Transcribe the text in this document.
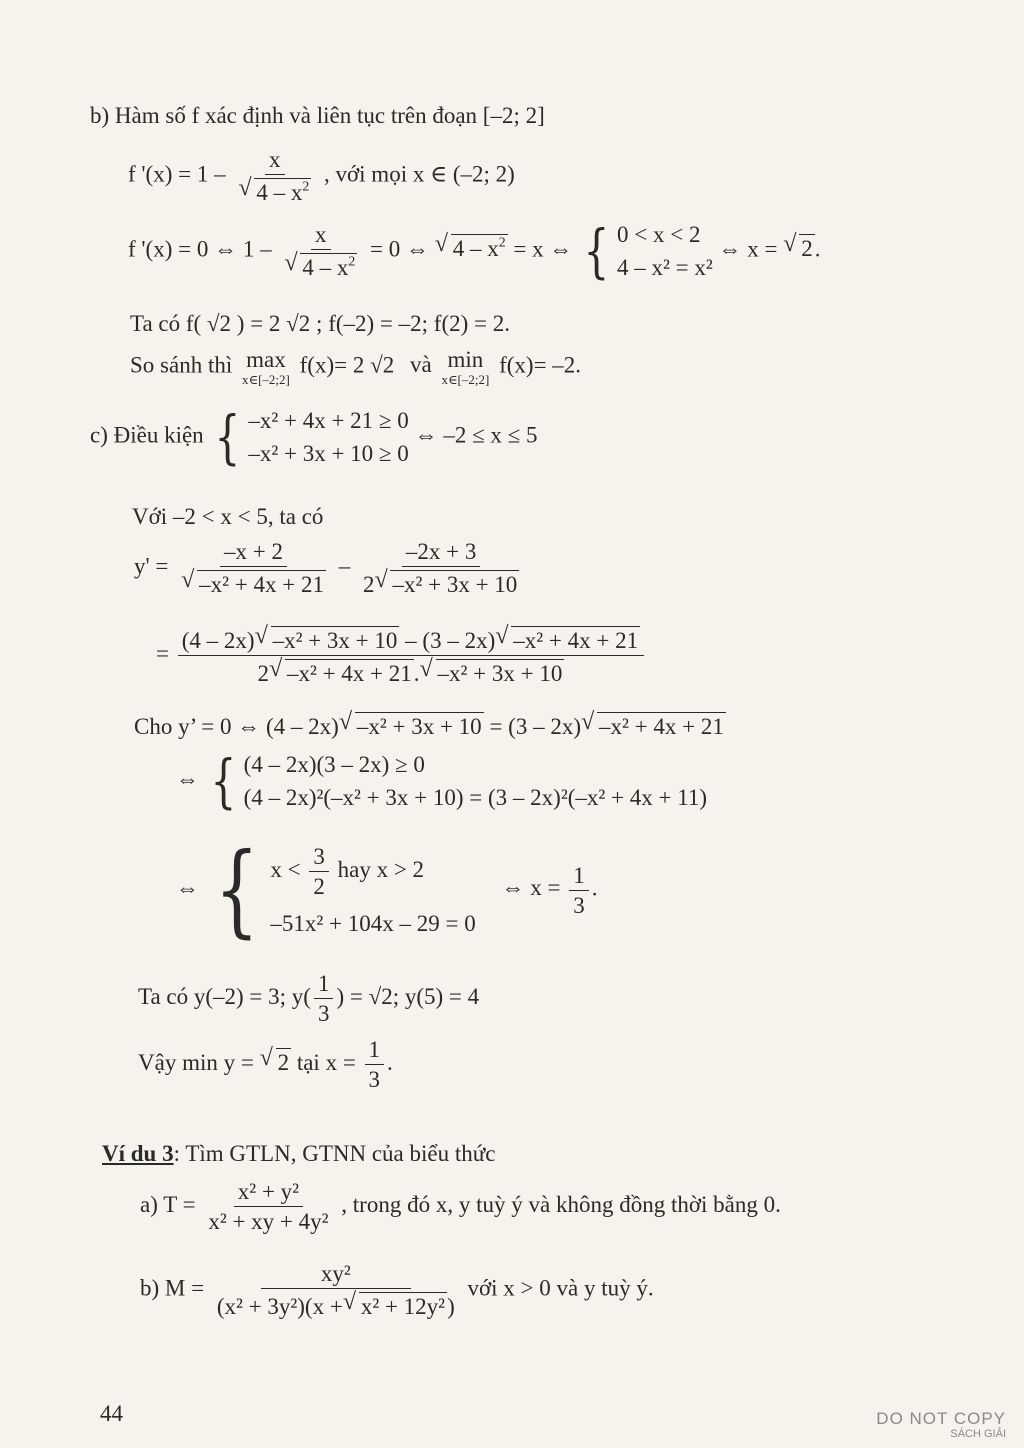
b) Hàm số f xác định và liên tục trên đoạn [–2; 2]
f '(x) = 1 – x
√ $4 - x^2$ , với mọi x ∈ (–2; 2)
f '(x) = 0 ⇔ 1 – x
√ $4 - x^2 = 0$ ⇔ √ $4 - x^2 = x$ ⇔ { 0 < x < 2
4 – x² = x²
⇔ x = √ 2.
Ta có f( √2 ) = 2 √2 ; f(–2) = –2; f(2) = 2.
So sánh thì max
x∈[–2;2]
f(x)= 2 √2 và min
x∈[–2;2]
f(x)= –2.
c) Điều kiện { –x² + 4x + 21 ≥ 0
–x² + 3x + 10 ≥ 0
⇔ –2 ≤ x ≤ 5
Với –2 < x < 5, ta có
y' = –x + 2
√ $-x^2 + 4x + 21 - \frac{-2x + 3}{\text{2 √ –x² + 3x + 10}}$
= $\frac{\text{(4 – 2x) √ –x² + 3x + 10 – (3 – 2x) √ –x² + 4x + 21}}{\text{2 √ –x² + 4x + 21. √ –x² + 3x + 10}}$
Cho y’ = 0 ⇔ (4 – 2x) √ –x² + 3x + 10 = (3 – 2x) √ –x² + 4x + 21
⇔ { (4 – 2x)(3 – 2x) ≥ 0
(4 – 2x)²(–x² + 3x + 10) = (3 – 2x)²(–x² + 4x + 11)
⇔ { $x < \frac{3}{2}$ hay x > 2
–51x² + 104x – 29 = 0
⇔ $x = \frac{1}{3}$ .
Ta có y(–2) = 3; $y( \frac{1}{3}$ ) = √2; y(5) = 4
Vậy min y = √ 2 tại $x = \frac{1}{3}$ .
Ví du 3: Tìm GTLN, GTNN của biểu thức
a) $T = \frac{\text{x² + y²}}{\text{x² + xy + 4y²}}$ , trong đó x, y tuỳ ý và không đồng thời bằng 0.
b) $M = \frac{\text{xy²}}{\text{(x² + 3y²)(x + √ x² + 12y²)}}$ với x > 0 và y tuỳ ý.
44	DO NOT COPY
SÁCH GIẢI
